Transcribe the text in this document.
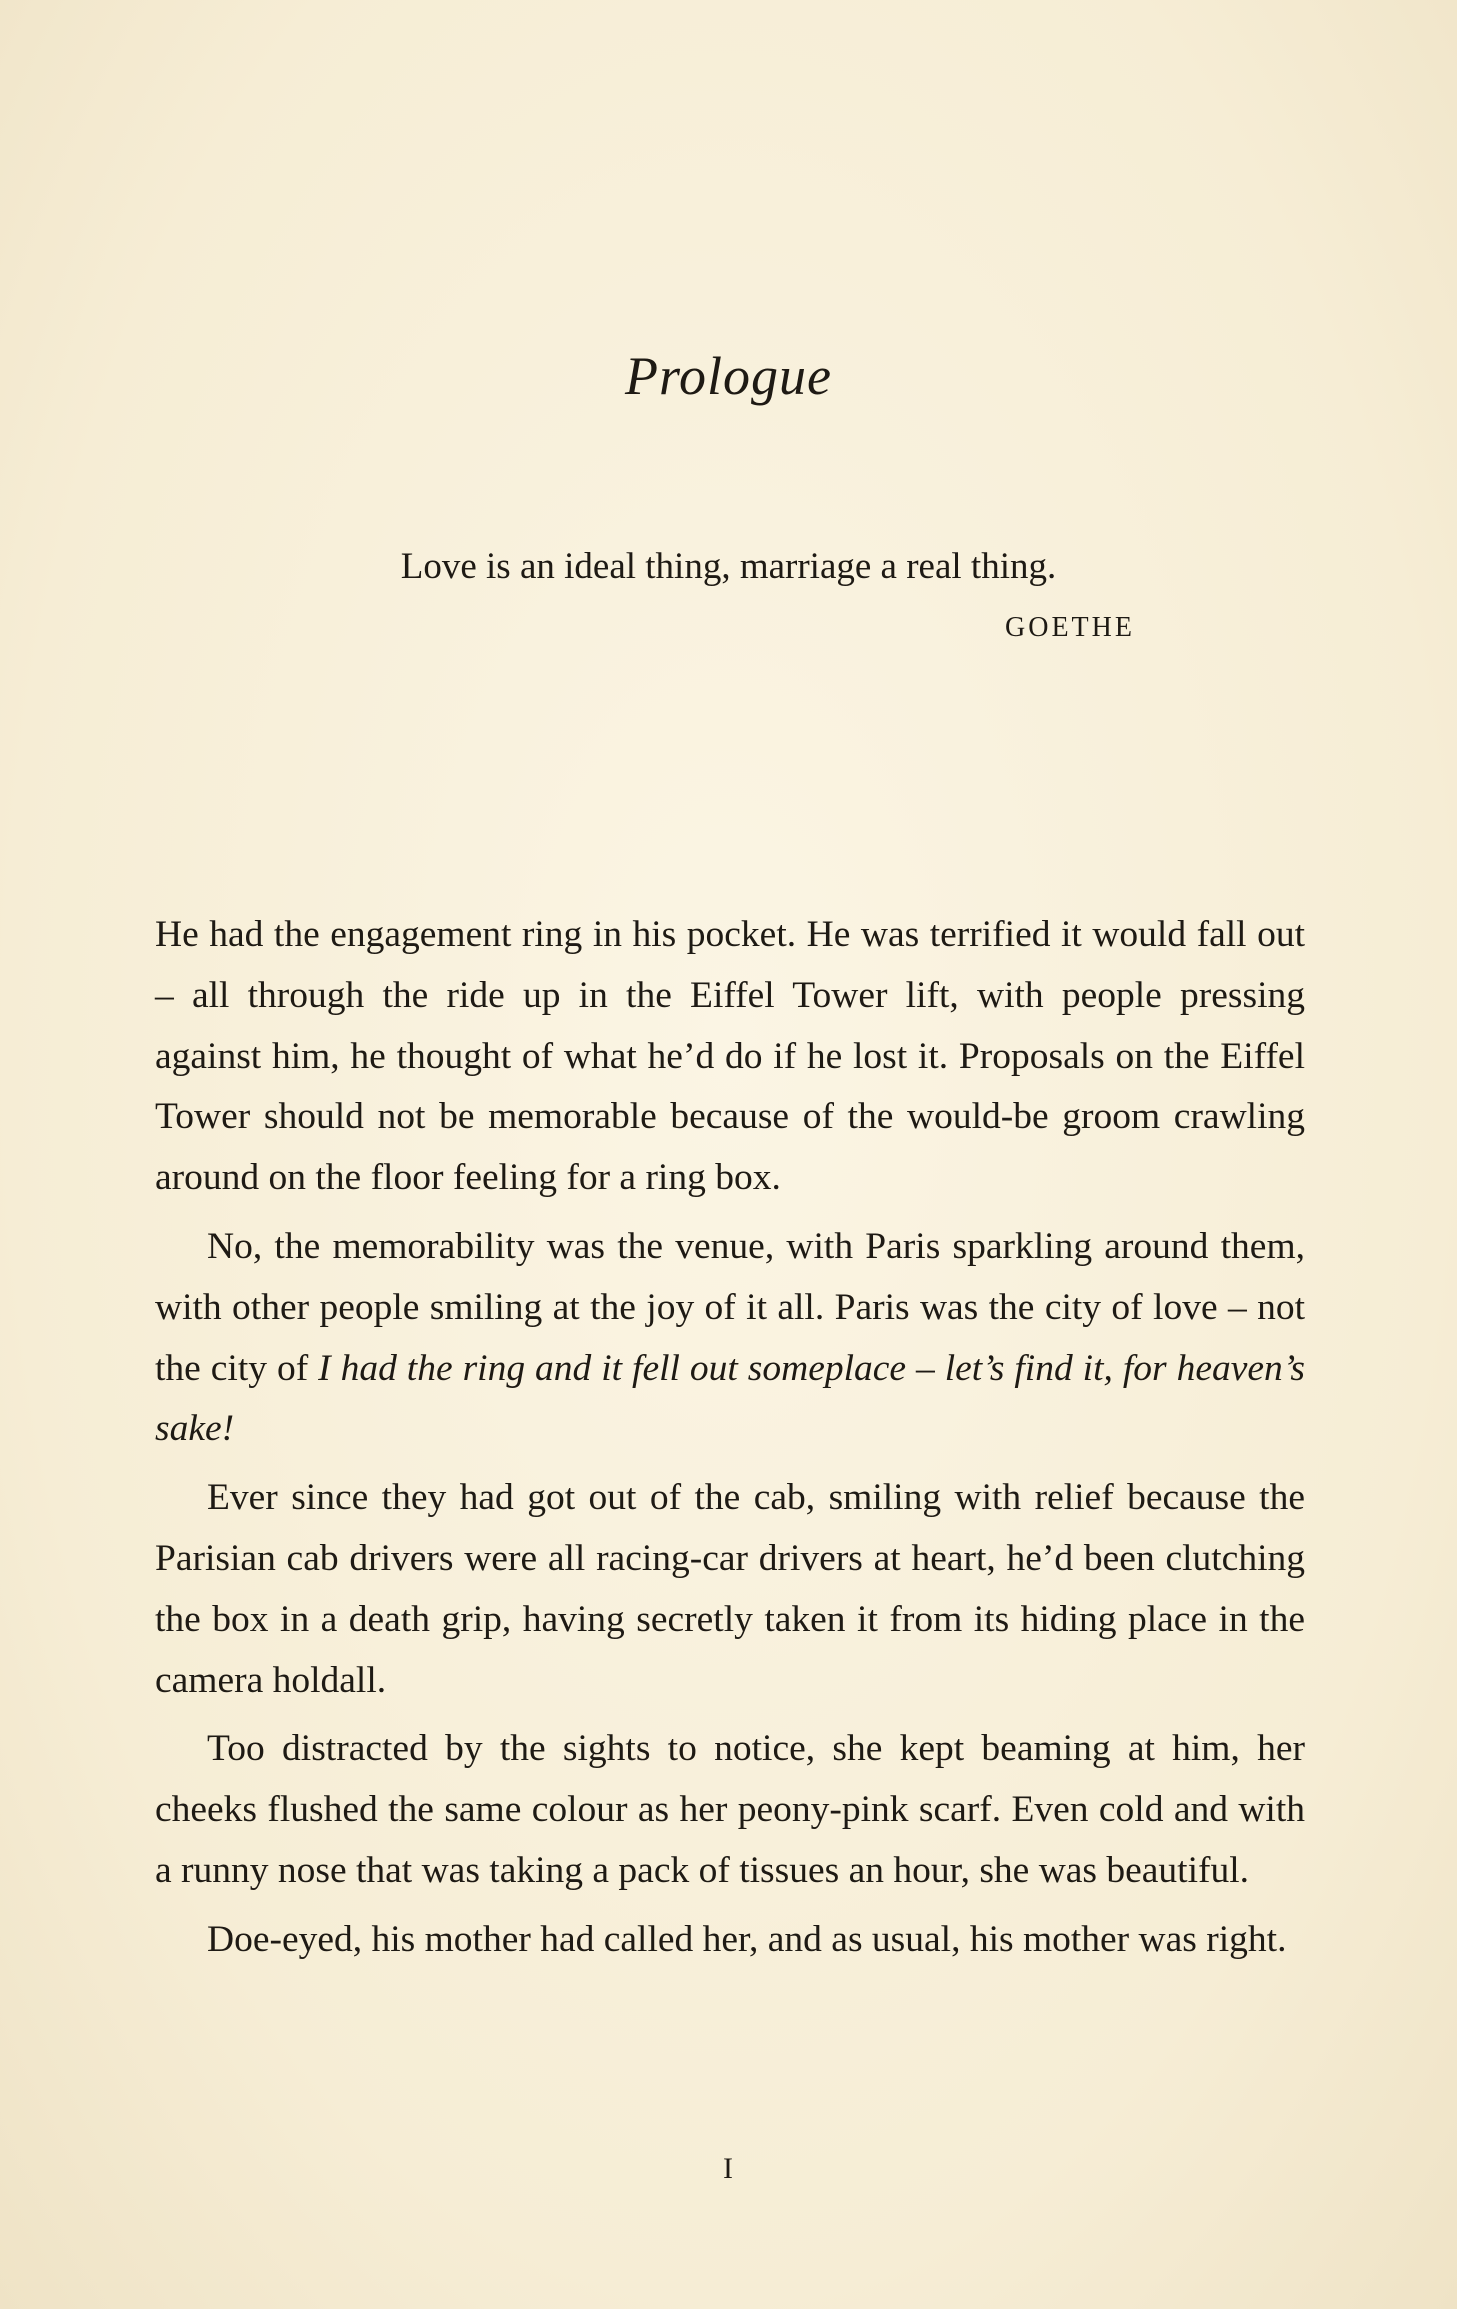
Prologue
Love is an ideal thing, marriage a real thing.
GOETHE

He had the engagement ring in his pocket. He was terrified it would fall out – all through the ride up in the Eiffel Tower lift, with people pressing against him, he thought of what he’d do if he lost it. Proposals on the Eiffel Tower should not be memorable because of the would-be groom crawling around on the floor feeling for a ring box.

No, the memorability was the venue, with Paris sparkling around them, with other people smiling at the joy of it all. Paris was the city of love – not the city of I had the ring and it fell out someplace – let’s find it, for heaven’s sake!

Ever since they had got out of the cab, smiling with relief because the Parisian cab drivers were all racing-car drivers at heart, he’d been clutching the box in a death grip, having secretly taken it from its hiding place in the camera holdall.

Too distracted by the sights to notice, she kept beaming at him, her cheeks flushed the same colour as her peony-pink scarf. Even cold and with a runny nose that was taking a pack of tissues an hour, she was beautiful.

Doe-eyed, his mother had called her, and as usual, his mother was right.

I
